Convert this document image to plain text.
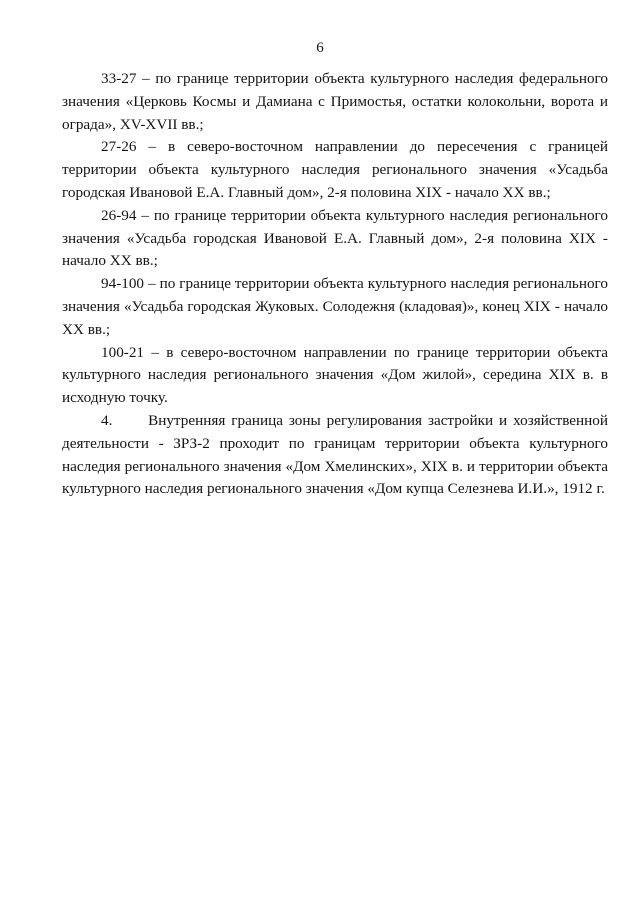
6

33-27 – по границе территории объекта культурного наследия федерального значения «Церковь Космы и Дамиана с Примостья, остатки колокольни, ворота и ограда», XV-XVII вв.;

27-26 – в северо-восточном направлении до пересечения с границей территории объекта культурного наследия регионального значения «Усадьба городская Ивановой Е.А. Главный дом», 2-я половина XIX - начало XX вв.;

26-94 – по границе территории объекта культурного наследия регионального значения «Усадьба городская Ивановой Е.А. Главный дом», 2-я половина XIX - начало XX вв.;

94-100 – по границе территории объекта культурного наследия регионального значения «Усадьба городская Жуковых. Солодежня (кладовая)», конец XIX - начало XX вв.;

100-21 – в северо-восточном направлении по границе территории объекта культурного наследия регионального значения «Дом жилой», середина XIX в. в исходную точку.

4.      Внутренняя граница зоны регулирования застройки и хозяйственной деятельности - ЗРЗ-2 проходит по границам территории объекта культурного наследия регионального значения «Дом Хмелинских», XIX в. и территории объекта культурного наследия регионального значения «Дом купца Селезнева И.И.», 1912 г.
